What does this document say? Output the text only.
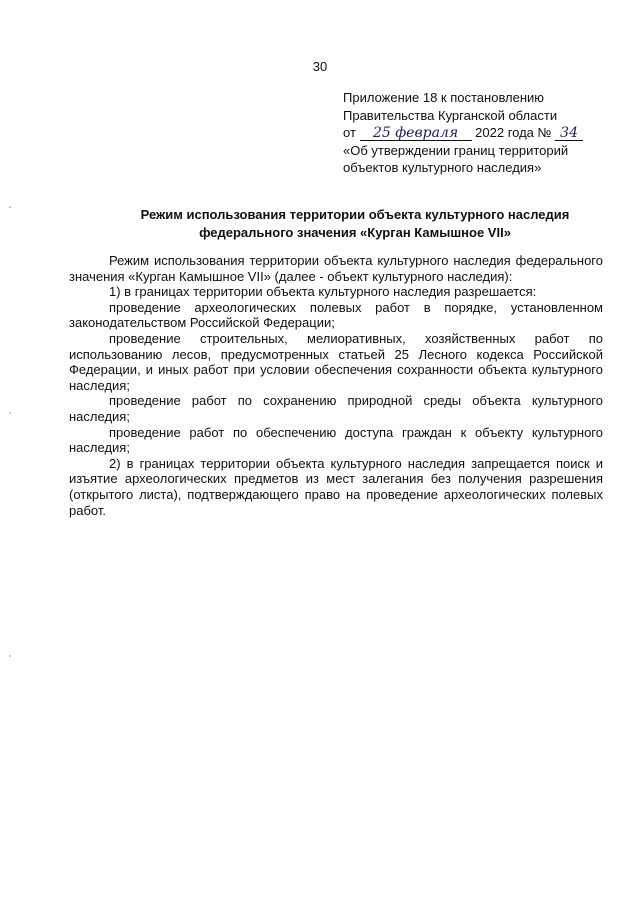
30
Приложение 18 к постановлению
Правительства Курганской области
от 25 февраля 2022 года № 34
«Об утверждении границ территорий
объектов культурного наследия»
Режим использования территории объекта культурного наследия
федерального значения «Курган Камышное VII»

Режим использования территории объекта культурного наследия федерального значения «Курган Камышное VII» (далее - объект культурного наследия):

1) в границах территории объекта культурного наследия разрешается:

проведение археологических полевых работ в порядке, установленном законодательством Российской Федерации;

проведение строительных, мелиоративных, хозяйственных работ по использованию лесов, предусмотренных статьей 25 Лесного кодекса Российской Федерации, и иных работ при условии обеспечения сохранности объекта культурного наследия;

проведение работ по сохранению природной среды объекта культурного наследия;

проведение работ по обеспечению доступа граждан к объекту культурного наследия;

2) в границах территории объекта культурного наследия запрещается поиск и изъятие археологических предметов из мест залегания без получения разрешения (открытого листа), подтверждающего право на проведение археологических полевых работ.
